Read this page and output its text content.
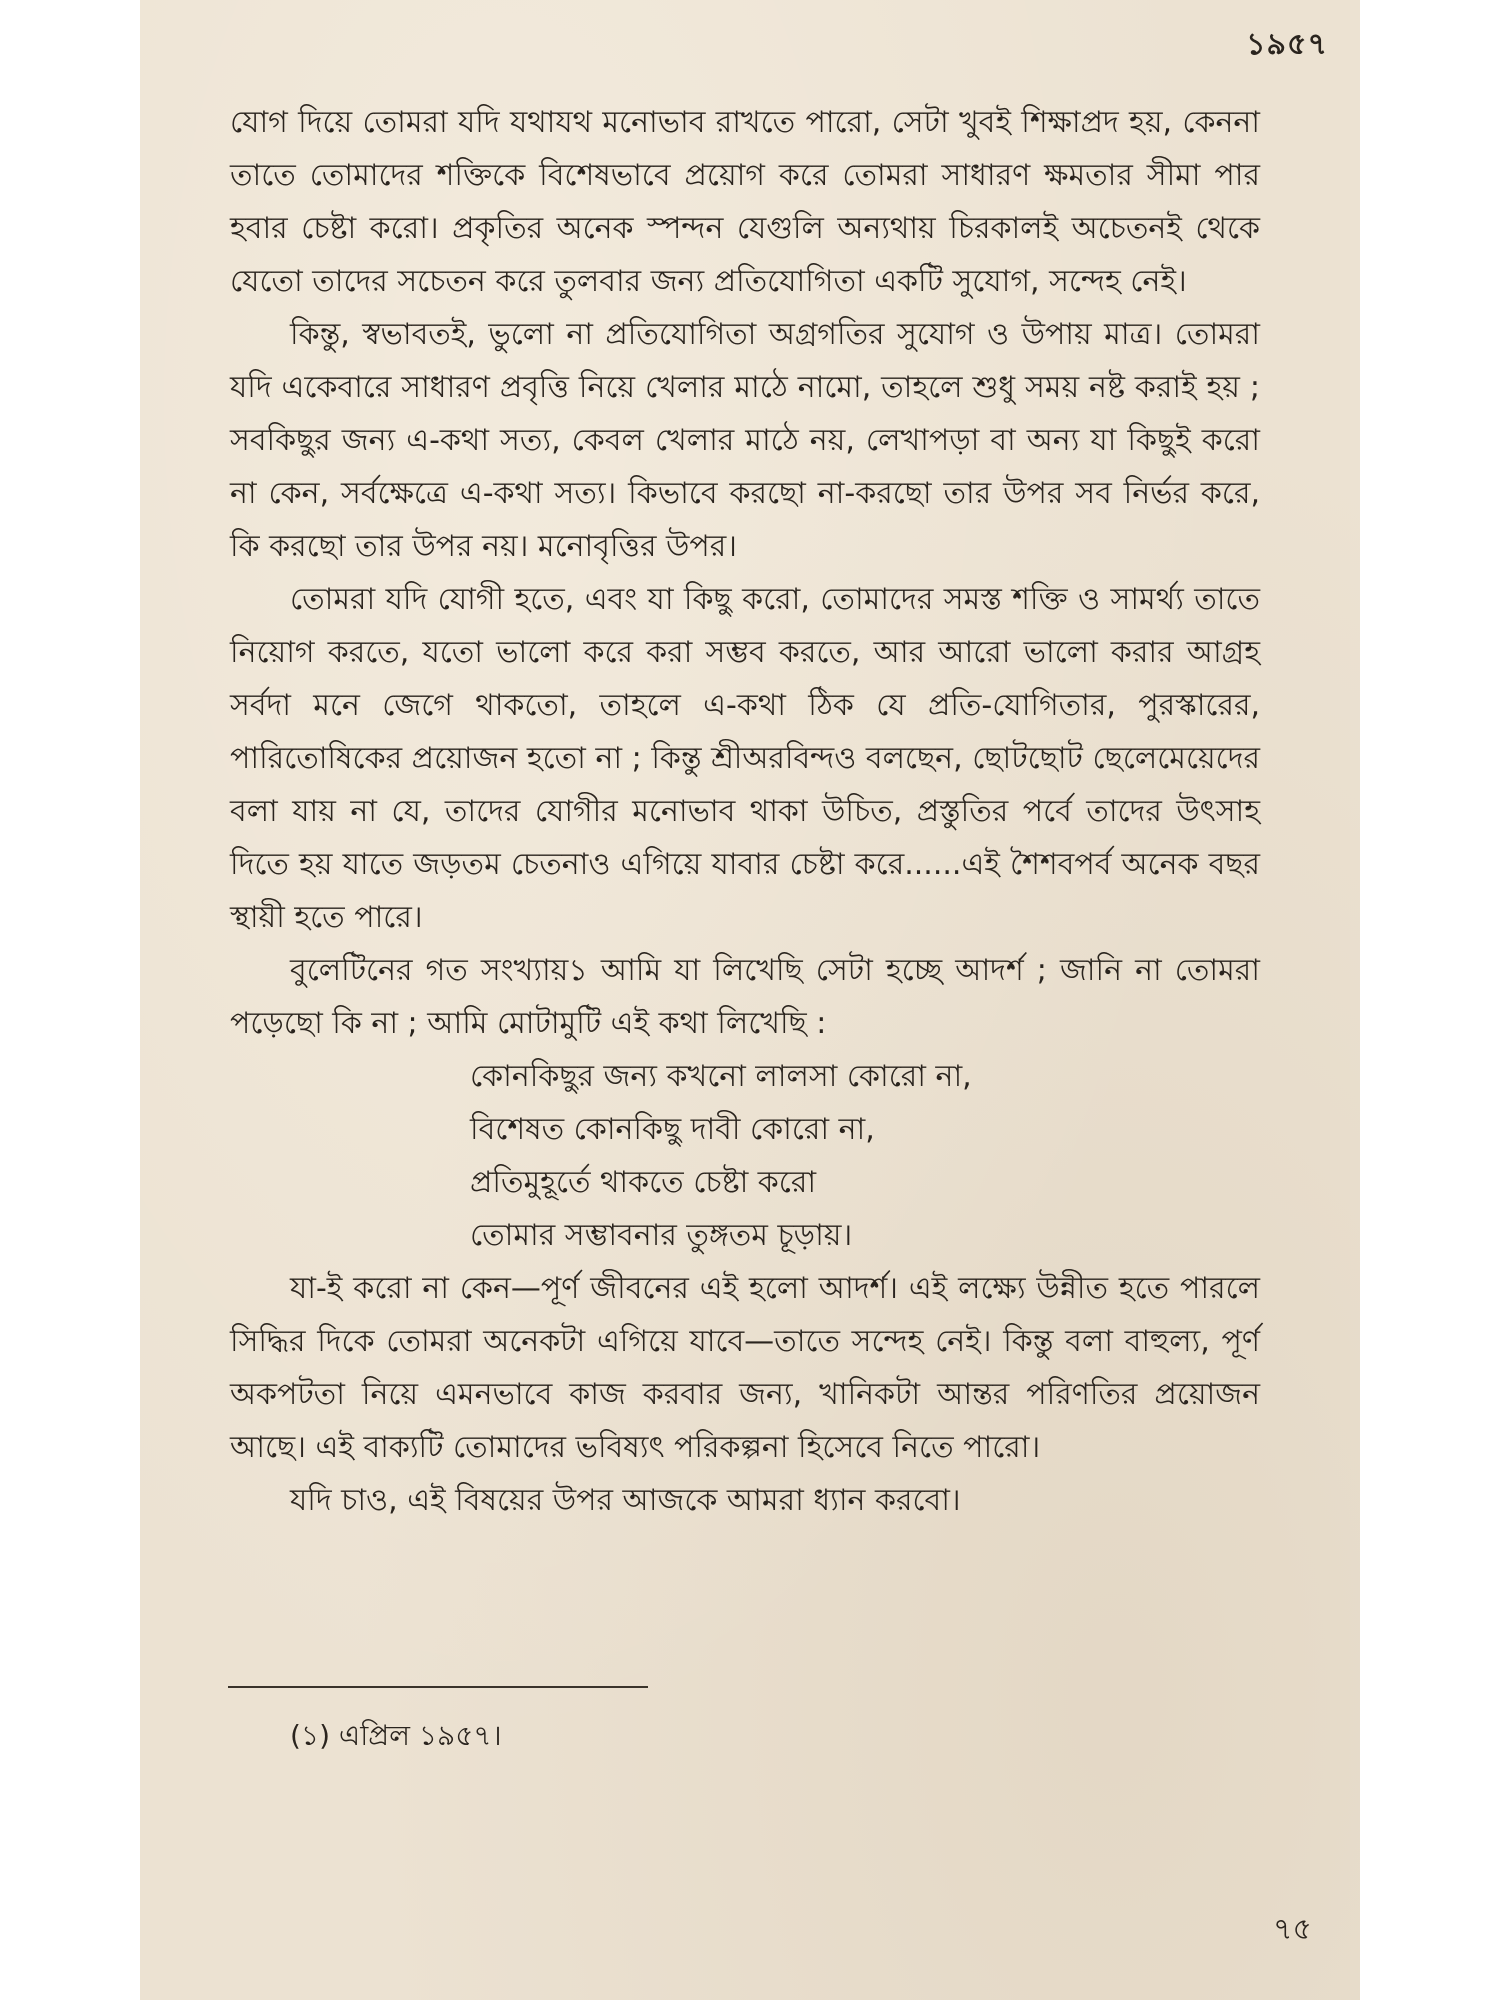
১৯৫৭

যোগ দিয়ে তোমরা যদি যথাযথ মনোভাব রাখতে পারো, সেটা খুবই শিক্ষাপ্রদ হয়, কেননা তাতে তোমাদের শক্তিকে বিশেষভাবে প্রয়োগ করে তোমরা সাধারণ ক্ষমতার সীমা পার হবার চেষ্টা করো। প্রকৃতির অনেক স্পন্দন যেগুলি অন্যথায় চিরকালই অচেতনই থেকে যেতো তাদের সচেতন করে তুলবার জন্য প্রতিযোগিতা একটি সুযোগ, সন্দেহ নেই।

কিন্তু, স্বভাবতই, ভুলো না প্রতিযোগিতা অগ্রগতির সুযোগ ও উপায় মাত্র। তোমরা যদি একেবারে সাধারণ প্রবৃত্তি নিয়ে খেলার মাঠে নামো, তাহলে শুধু সময় নষ্ট করাই হয় ; সবকিছুর জন্য এ-কথা সত্য, কেবল খেলার মাঠে নয়, লেখাপড়া বা অন্য যা কিছুই করো না কেন, সর্বক্ষেত্রে এ-কথা সত্য। কিভাবে করছো না-করছো তার উপর সব নির্ভর করে, কি করছো তার উপর নয়। মনোবৃত্তির উপর।

তোমরা যদি যোগী হতে, এবং যা কিছু করো, তোমাদের সমস্ত শক্তি ও সামর্থ্য তাতে নিয়োগ করতে, যতো ভালো করে করা সম্ভব করতে, আর আরো ভালো করার আগ্রহ সর্বদা মনে জেগে থাকতো, তাহলে এ-কথা ঠিক যে প্রতি-যোগিতার, পুরস্কারের, পারিতোষিকের প্রয়োজন হতো না ; কিন্তু শ্রীঅরবিন্দও বলছেন, ছোটছোট ছেলেমেয়েদের বলা যায় না যে, তাদের যোগীর মনোভাব থাকা উচিত, প্রস্তুতির পর্বে তাদের উৎসাহ দিতে হয় যাতে জড়তম চেতনাও এগিয়ে যাবার চেষ্টা করে......এই শৈশবপর্ব অনেক বছর স্থায়ী হতে পারে।

বুলেটিনের গত সংখ্যায়১ আমি যা লিখেছি সেটা হচ্ছে আদর্শ ; জানি না তোমরা পড়েছো কি না ; আমি মোটামুটি এই কথা লিখেছি :

কোনকিছুর জন্য কখনো লালসা কোরো না,
বিশেষত কোনকিছু দাবী কোরো না,
প্রতিমুহূর্তে থাকতে চেষ্টা করো
তোমার সম্ভাবনার তুঙ্গতম চূড়ায়।

যা-ই করো না কেন—পূর্ণ জীবনের এই হলো আদর্শ। এই লক্ষ্যে উন্নীত হতে পারলে সিদ্ধির দিকে তোমরা অনেকটা এগিয়ে যাবে—তাতে সন্দেহ নেই। কিন্তু বলা বাহুল্য, পূর্ণ অকপটতা নিয়ে এমনভাবে কাজ করবার জন্য, খানিকটা আন্তর পরিণতির প্রয়োজন আছে। এই বাক্যটি তোমাদের ভবিষ্যৎ পরিকল্পনা হিসেবে নিতে পারো।

যদি চাও, এই বিষয়ের উপর আজকে আমরা ধ্যান করবো।

(১) এপ্রিল ১৯৫৭।
৭৫
